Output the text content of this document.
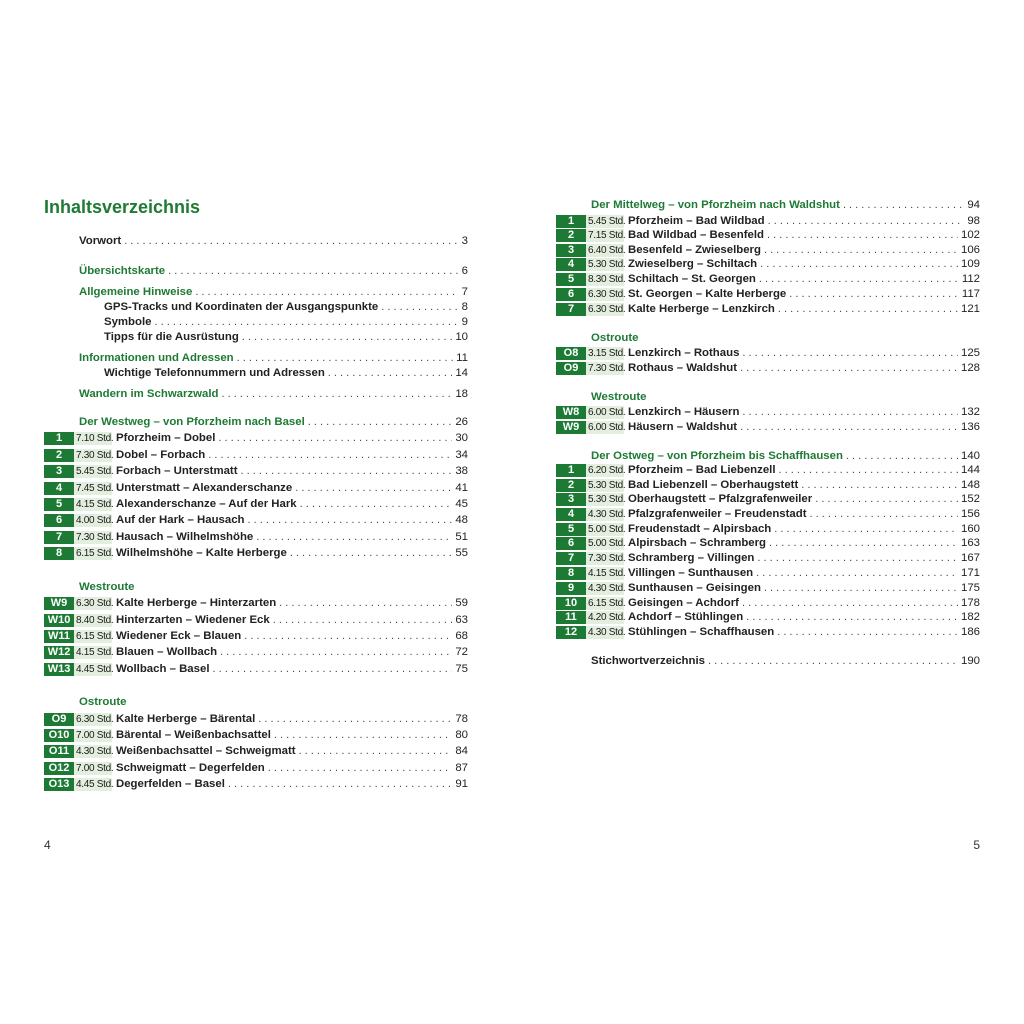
Inhaltsverzeichnis
Vorwort . . .	3
Übersichtskarte . . .	6
Allgemeine Hinweise . . .	7
GPS-Tracks und Koordinaten der Ausgangspunkte . . .	8
Symbole . . .	9
Tipps für die Ausrüstung . . .	10
Informationen und Adressen . . .	11
Wichtige Telefonnummern und Adressen . . .	14
Wandern im Schwarzwald . . .	18
Der Westweg – von Pforzheim nach Basel . . .	26
1	7.10 Std. Pforzheim – Dobel . . .	30
2	7.30 Std. Dobel – Forbach . . .	34
3	5.45 Std. Forbach – Unterstmatt . . .	38
4	7.45 Std. Unterstmatt – Alexanderschanze . . .	41
5	4.15 Std. Alexanderschanze – Auf der Hark . . .	45
6	4.00 Std. Auf der Hark – Hausach . . .	48
7	7.30 Std. Hausach – Wilhelmshöhe . . .	51
8	6.15 Std. Wilhelmshöhe – Kalte Herberge . . .	55
Westroute
W9 6.30 Std. Kalte Herberge – Hinterzarten . . .	59
W10 8.40 Std. Hinterzarten – Wiedener Eck . . .	63
W11 6.15 Std. Wiedener Eck – Blauen . . .	68
W12 4.15 Std. Blauen – Wollbach . . .	72
W13 4.45 Std. Wollbach – Basel . . .	75
Ostroute
O9 6.30 Std. Kalte Herberge – Bärental . . .	78
O10 7.00 Std. Bärental – Weißenbachsattel . . .	80
O11 4.30 Std. Weißenbachsattel – Schweigmatt . . .	84
O12 7.00 Std. Schweigmatt – Degerfelden . . .	87
O13 4.45 Std. Degerfelden – Basel . . .	91
4
Der Mittelweg – von Pforzheim nach Waldshut . . .	94
1	5.45 Std. Pforzheim – Bad Wildbad . . .	98
2	7.15 Std. Bad Wildbad – Besenfeld . . .	102
3	6.40 Std. Besenfeld – Zwieselberg . . .	106
4	5.30 Std. Zwieselberg – Schiltach . . .	109
5	8.30 Std. Schiltach – St. Georgen . . .	112
6	6.30 Std. St. Georgen – Kalte Herberge . . .	117
7	6.30 Std. Kalte Herberge – Lenzkirch . . .	121
Ostroute
O8 3.15 Std. Lenzkirch – Rothaus . . .	125
O9 7.30 Std. Rothaus – Waldshut . . .	128
Westroute
W8 6.00 Std. Lenzkirch – Häusern . . .	132
W9 6.00 Std. Häusern – Waldshut . . .	136
Der Ostweg – von Pforzheim bis Schaffhausen . . .	140
1	6.20 Std. Pforzheim – Bad Liebenzell . . .	144
2	5.30 Std. Bad Liebenzell – Oberhaugstett . . .	148
3	5.30 Std. Oberhaugstett – Pfalzgrafenweiler . . .	152
4	4.30 Std. Pfalzgrafenweiler – Freudenstadt . . .	156
5	5.00 Std. Freudenstadt – Alpirsbach . . .	160
6	5.00 Std. Alpirsbach – Schramberg . . .	163
7	7.30 Std. Schramberg – Villingen . . .	167
8	4.15 Std. Villingen – Sunthausen . . .	171
9	4.30 Std. Sunthausen – Geisingen . . .	175
10	6.15 Std. Geisingen – Achdorf . . .	178
11	4.20 Std. Achdorf – Stühlingen . . .	182
12	4.30 Std. Stühlingen – Schaffhausen . . .	186
Stichwortverzeichnis . . .	190
5
